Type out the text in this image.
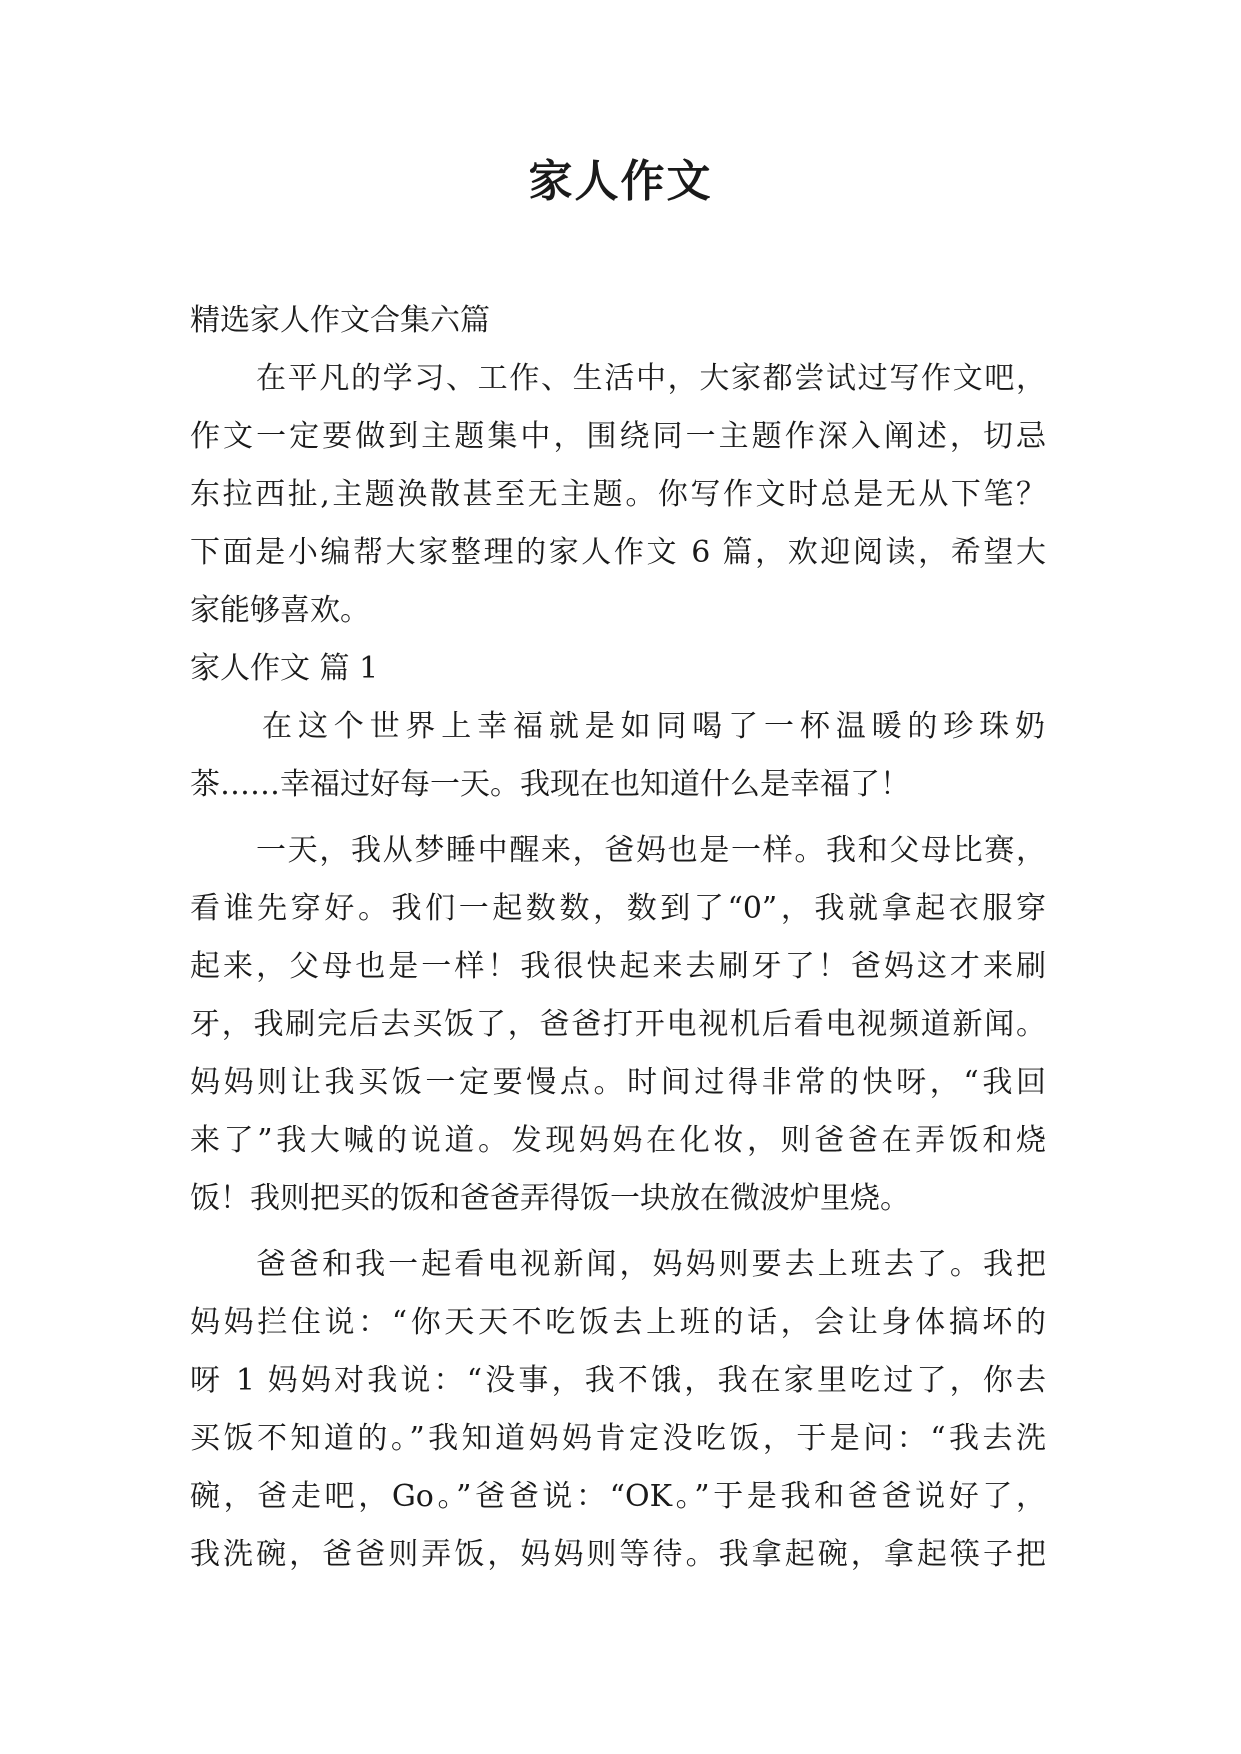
家人作文
精选家人作文合集六篇
在平凡的学习、工作、生活中，大家都尝试过写作文吧，
作文一定要做到主题集中，围绕同一主题作深入阐述，切忌
东拉西扯,主题涣散甚至无主题。你写作文时总是无从下笔？
下面是小编帮大家整理的家人作文 6 篇，欢迎阅读，希望大
家能够喜欢。
家人作文 篇 1
在这个世界上幸福就是如同喝了一杯温暖的珍珠奶
茶……幸福过好每一天。我现在也知道什么是幸福了！
一天，我从梦睡中醒来，爸妈也是一样。我和父母比赛，
看谁先穿好。我们一起数数，数到了“0”，我就拿起衣服穿
起来，父母也是一样！我很快起来去刷牙了！爸妈这才来刷
牙，我刷完后去买饭了，爸爸打开电视机后看电视频道新闻。
妈妈则让我买饭一定要慢点。时间过得非常的快呀，“我回
来了”我大喊的说道。发现妈妈在化妆，则爸爸在弄饭和烧
饭！我则把买的饭和爸爸弄得饭一块放在微波炉里烧。
爸爸和我一起看电视新闻，妈妈则要去上班去了。我把
妈妈拦住说：“你天天不吃饭去上班的话，会让身体搞坏的
呀 1 妈妈对我说：“没事，我不饿，我在家里吃过了，你去
买饭不知道的。”我知道妈妈肯定没吃饭，于是问：“我去洗
碗，爸走吧，Go。”爸爸说：“OK。”于是我和爸爸说好了，
我洗碗，爸爸则弄饭，妈妈则等待。我拿起碗，拿起筷子把
